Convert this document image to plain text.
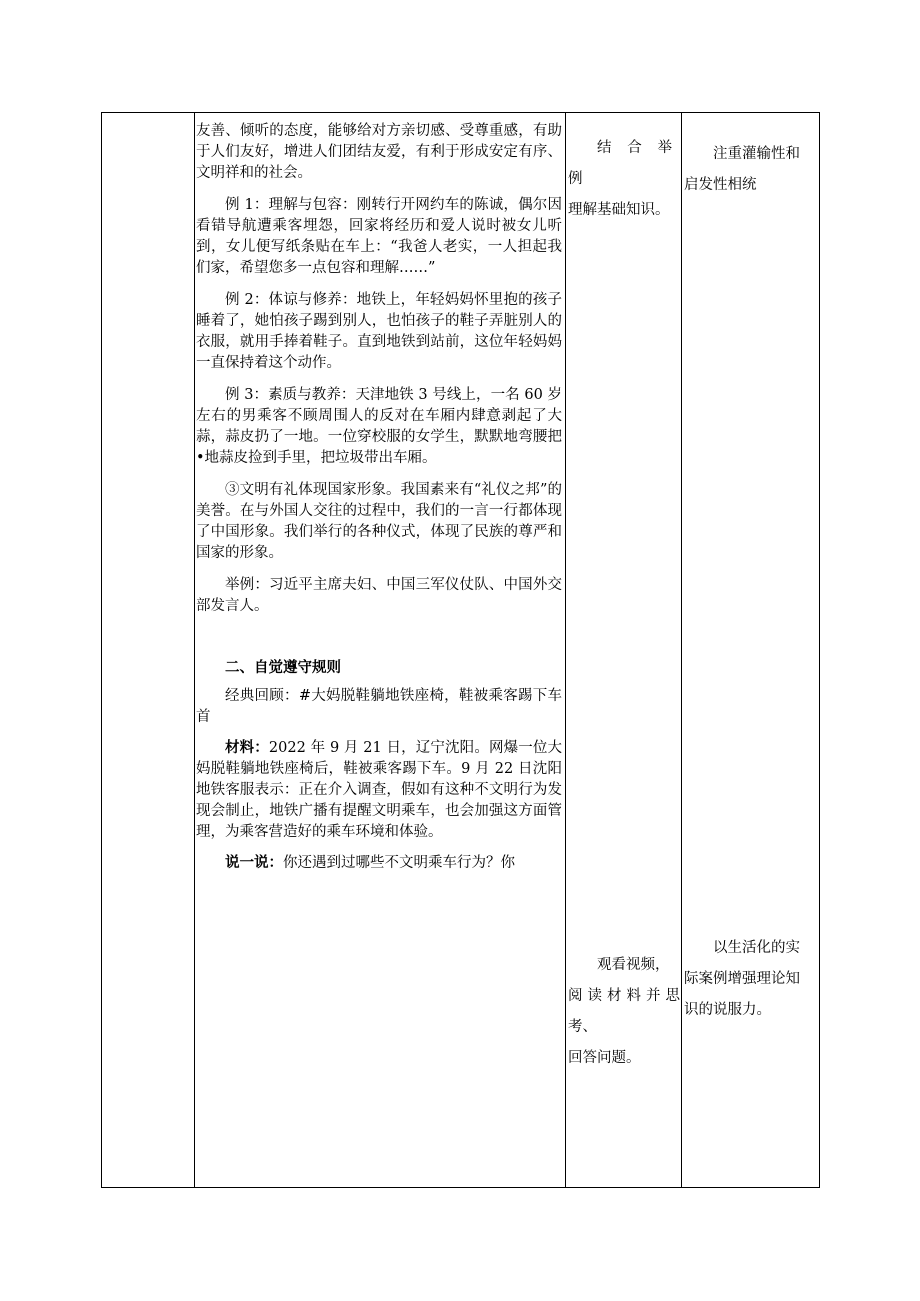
友善、倾听的态度，能够给对方亲切感、受尊重感，有助于人们友好，增进人们团结友爱，有利于形成安定有序、文明祥和的社会。

例 1：理解与包容：刚转行开网约车的陈诚，偶尔因看错导航遭乘客埋怨，回家将经历和爱人说时被女儿听到，女儿便写纸条贴在车上：“我爸人老实，一人担起我们家，希望您多一点包容和理解……”

例 2：体谅与修养：地铁上，年轻妈妈怀里抱的孩子睡着了，她怕孩子踢到别人，也怕孩子的鞋子弄脏别人的衣服，就用手捧着鞋子。直到地铁到站前，这位年轻妈妈一直保持着这个动作。

例 3：素质与教养：天津地铁 3 号线上，一名 60 岁左右的男乘客不顾周围人的反对在车厢内肆意剥起了大蒜，蒜皮扔了一地。一位穿校服的女学生，默默地弯腰把•地蒜皮捡到手里，把垃圾带出车厢。

③文明有礼体现国家形象。我国素来有“礼仪之邦”的美誉。在与外国人交往的过程中，我们的一言一行都体现了中国形象。我们举行的各种仪式，体现了民族的尊严和国家的形象。

举例：习近平主席夫妇、中国三军仪仗队、中国外交部发言人。

二、自觉遵守规则

经典回顾：#大妈脱鞋躺地铁座椅，鞋被乘客踢下车首

材料：2022 年 9 月 21 日，辽宁沈阳。网爆一位大妈脱鞋躺地铁座椅后，鞋被乘客踢下车。9 月 22 日沈阳地铁客服表示：正在介入调查，假如有这种不文明行为发现会制止，地铁广播有提醒文明乘车，也会加强这方面管理，为乘客营造好的乘车环境和体验。

说一说：你还遇到过哪些不文明乘车行为？你

结合举例
理解基础知识。
观看视频，
阅读材料并思考、
回答问题。
注重灌输性和
启发性相统
以生活化的实
际案例增强理论知
识的说服力。
